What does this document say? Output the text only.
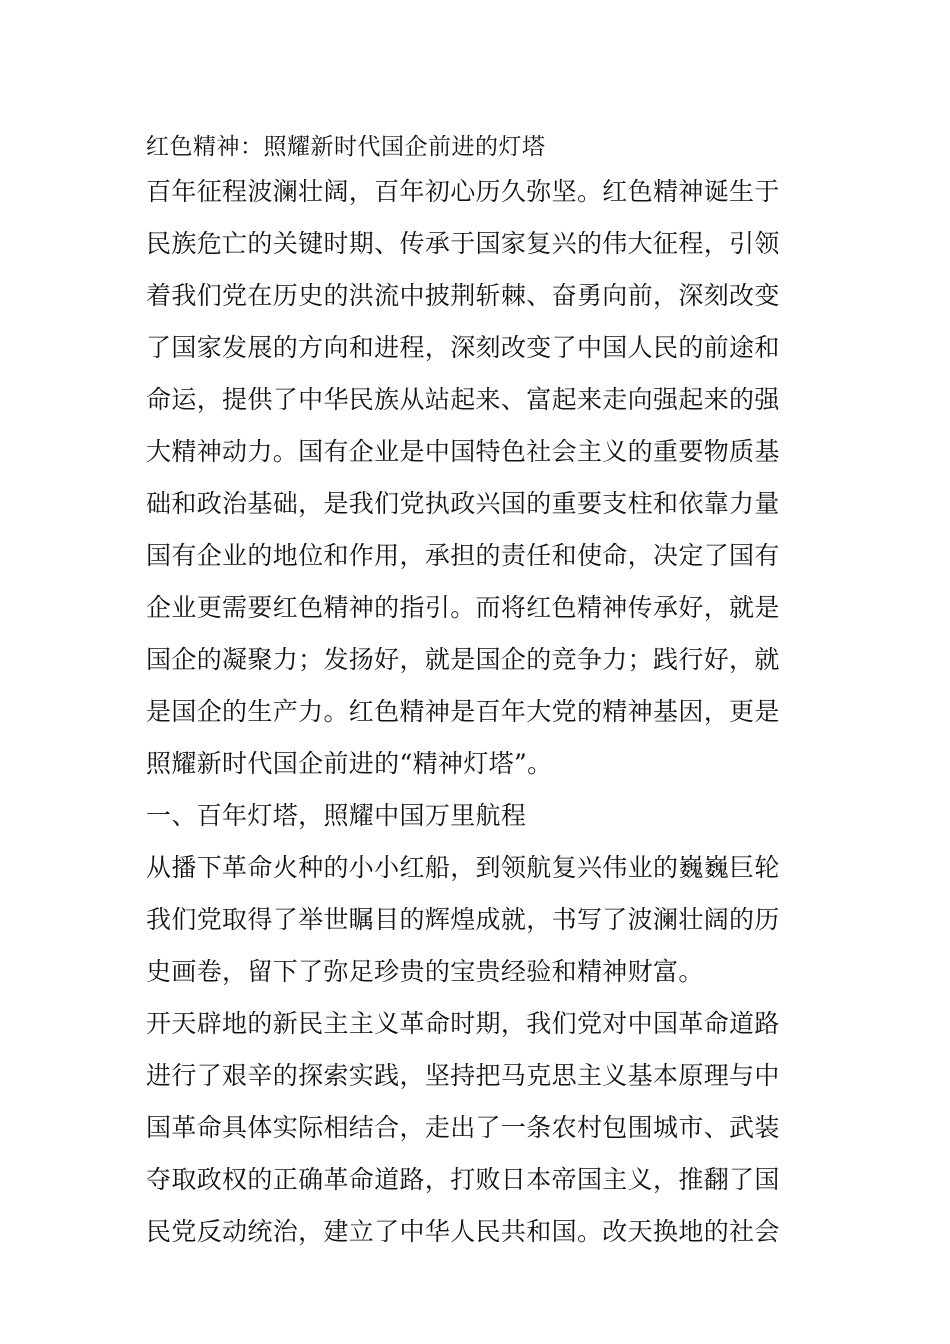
红色精神：照耀新时代国企前进的灯塔
百年征程波澜壮阔，百年初心历久弥坚。红色精神诞生于
民族危亡的关键时期、传承于国家复兴的伟大征程，引领
着我们党在历史的洪流中披荆斩棘、奋勇向前，深刻改变
了国家发展的方向和进程，深刻改变了中国人民的前途和
命运，提供了中华民族从站起来、富起来走向强起来的强
大精神动力。国有企业是中国特色社会主义的重要物质基
础和政治基础，是我们党执政兴国的重要支柱和依靠力量
国有企业的地位和作用，承担的责任和使命，决定了国有
企业更需要红色精神的指引。而将红色精神传承好，就是
国企的凝聚力；发扬好，就是国企的竞争力；践行好，就
是国企的生产力。红色精神是百年大党的精神基因，更是
照耀新时代国企前进的“精神灯塔”。
一、百年灯塔，照耀中国万里航程
从播下革命火种的小小红船，到领航复兴伟业的巍巍巨轮
我们党取得了举世瞩目的辉煌成就，书写了波澜壮阔的历
史画卷，留下了弥足珍贵的宝贵经验和精神财富。
开天辟地的新民主主义革命时期，我们党对中国革命道路
进行了艰辛的探索实践，坚持把马克思主义基本原理与中
国革命具体实际相结合，走出了一条农村包围城市、武装
夺取政权的正确革命道路，打败日本帝国主义，推翻了国
民党反动统治，建立了中华人民共和国。改天换地的社会
